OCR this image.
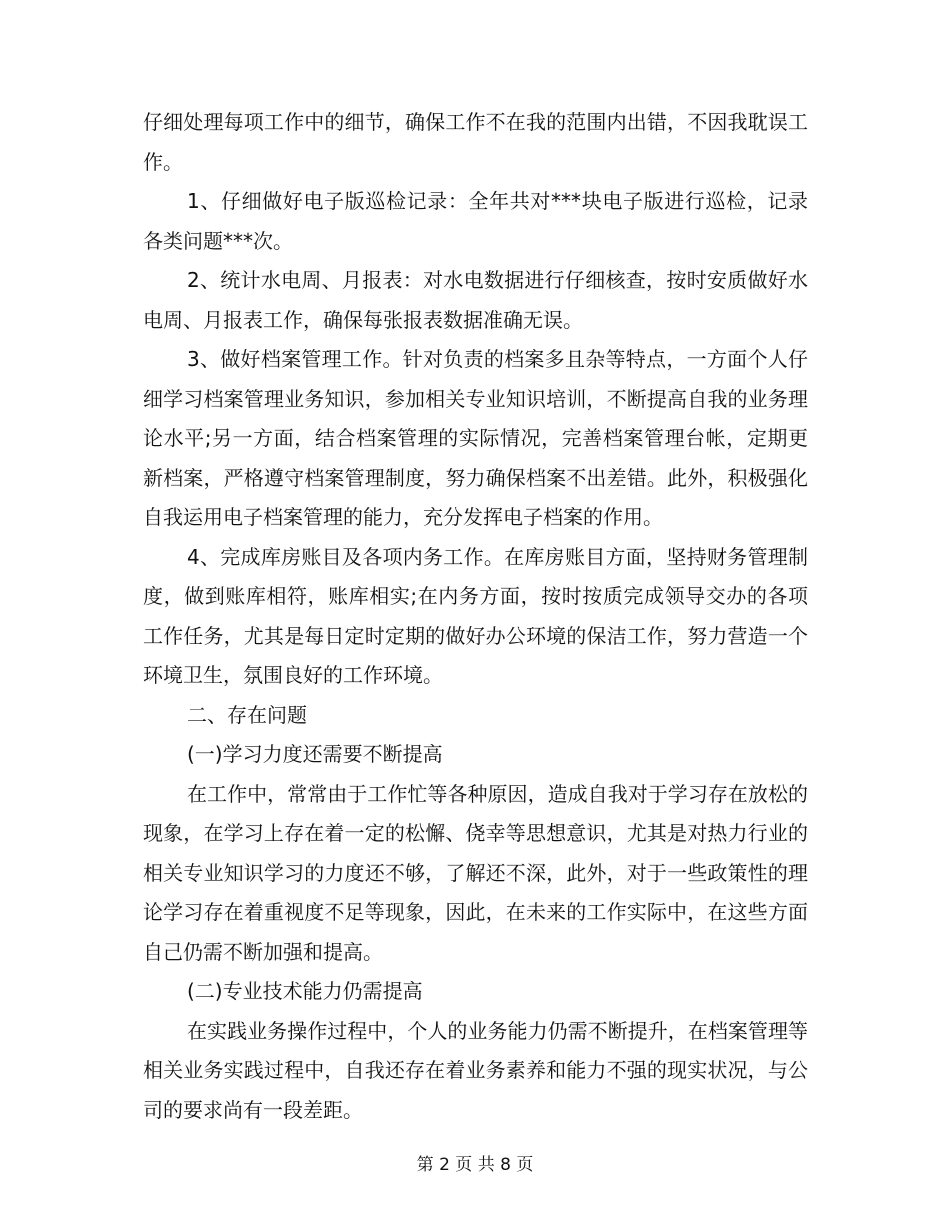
仔细处理每项工作中的细节，确保工作不在我的范围内出错，不因我耽误工作。

1、仔细做好电子版巡检记录：全年共对***块电子版进行巡检，记录各类问题***次。

2、统计水电周、月报表：对水电数据进行仔细核查，按时安质做好水电周、月报表工作，确保每张报表数据准确无误。

3、做好档案管理工作。针对负责的档案多且杂等特点，一方面个人仔细学习档案管理业务知识，参加相关专业知识培训，不断提高自我的业务理论水平;另一方面，结合档案管理的实际情况，完善档案管理台帐，定期更新档案，严格遵守档案管理制度，努力确保档案不出差错。此外，积极强化自我运用电子档案管理的能力，充分发挥电子档案的作用。

4、完成库房账目及各项内务工作。在库房账目方面，坚持财务管理制度，做到账库相符，账库相实;在内务方面，按时按质完成领导交办的各项工作任务，尤其是每日定时定期的做好办公环境的保洁工作，努力营造一个环境卫生，氛围良好的工作环境。

二、存在问题

(一)学习力度还需要不断提高

在工作中，常常由于工作忙等各种原因，造成自我对于学习存在放松的现象，在学习上存在着一定的松懈、侥幸等思想意识，尤其是对热力行业的相关专业知识学习的力度还不够，了解还不深，此外，对于一些政策性的理论学习存在着重视度不足等现象，因此，在未来的工作实际中，在这些方面自己仍需不断加强和提高。

(二)专业技术能力仍需提高

在实践业务操作过程中，个人的业务能力仍需不断提升，在档案管理等相关业务实践过程中，自我还存在着业务素养和能力不强的现实状况，与公司的要求尚有一段差距。

第 2 页 共 8 页
